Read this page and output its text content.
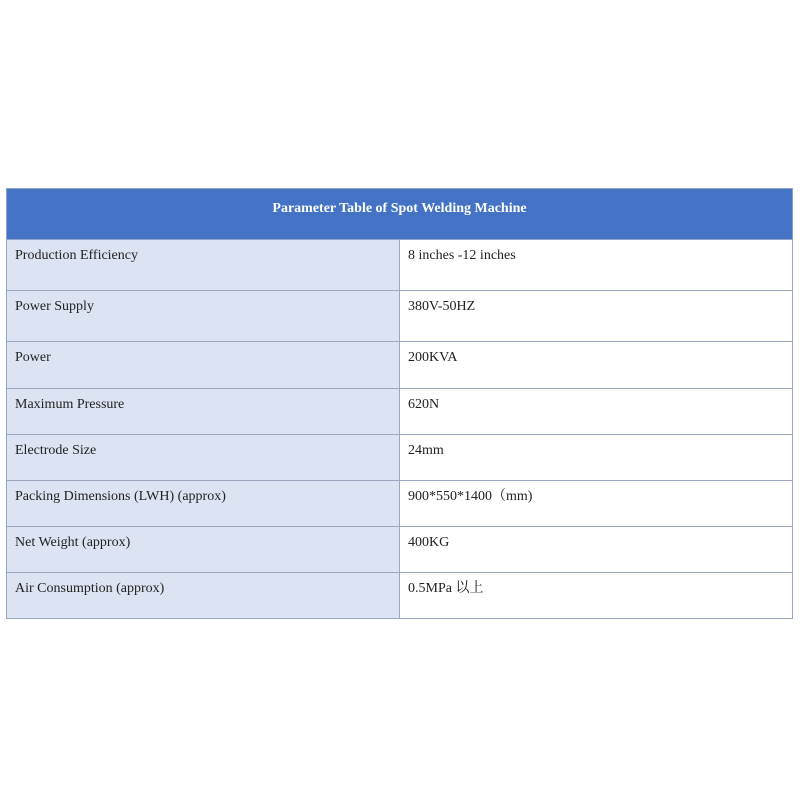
Parameter Table of Spot Welding Machine	
Production Efficiency	8 inches -12 inches
Power Supply	380V-50HZ
Power	200KVA
Maximum Pressure	620N
Electrode Size	24mm
Packing Dimensions (LWH) (approx)	900*550*1400（mm)
Net Weight (approx)	400KG
Air Consumption (approx)	0.5MPa 以上
